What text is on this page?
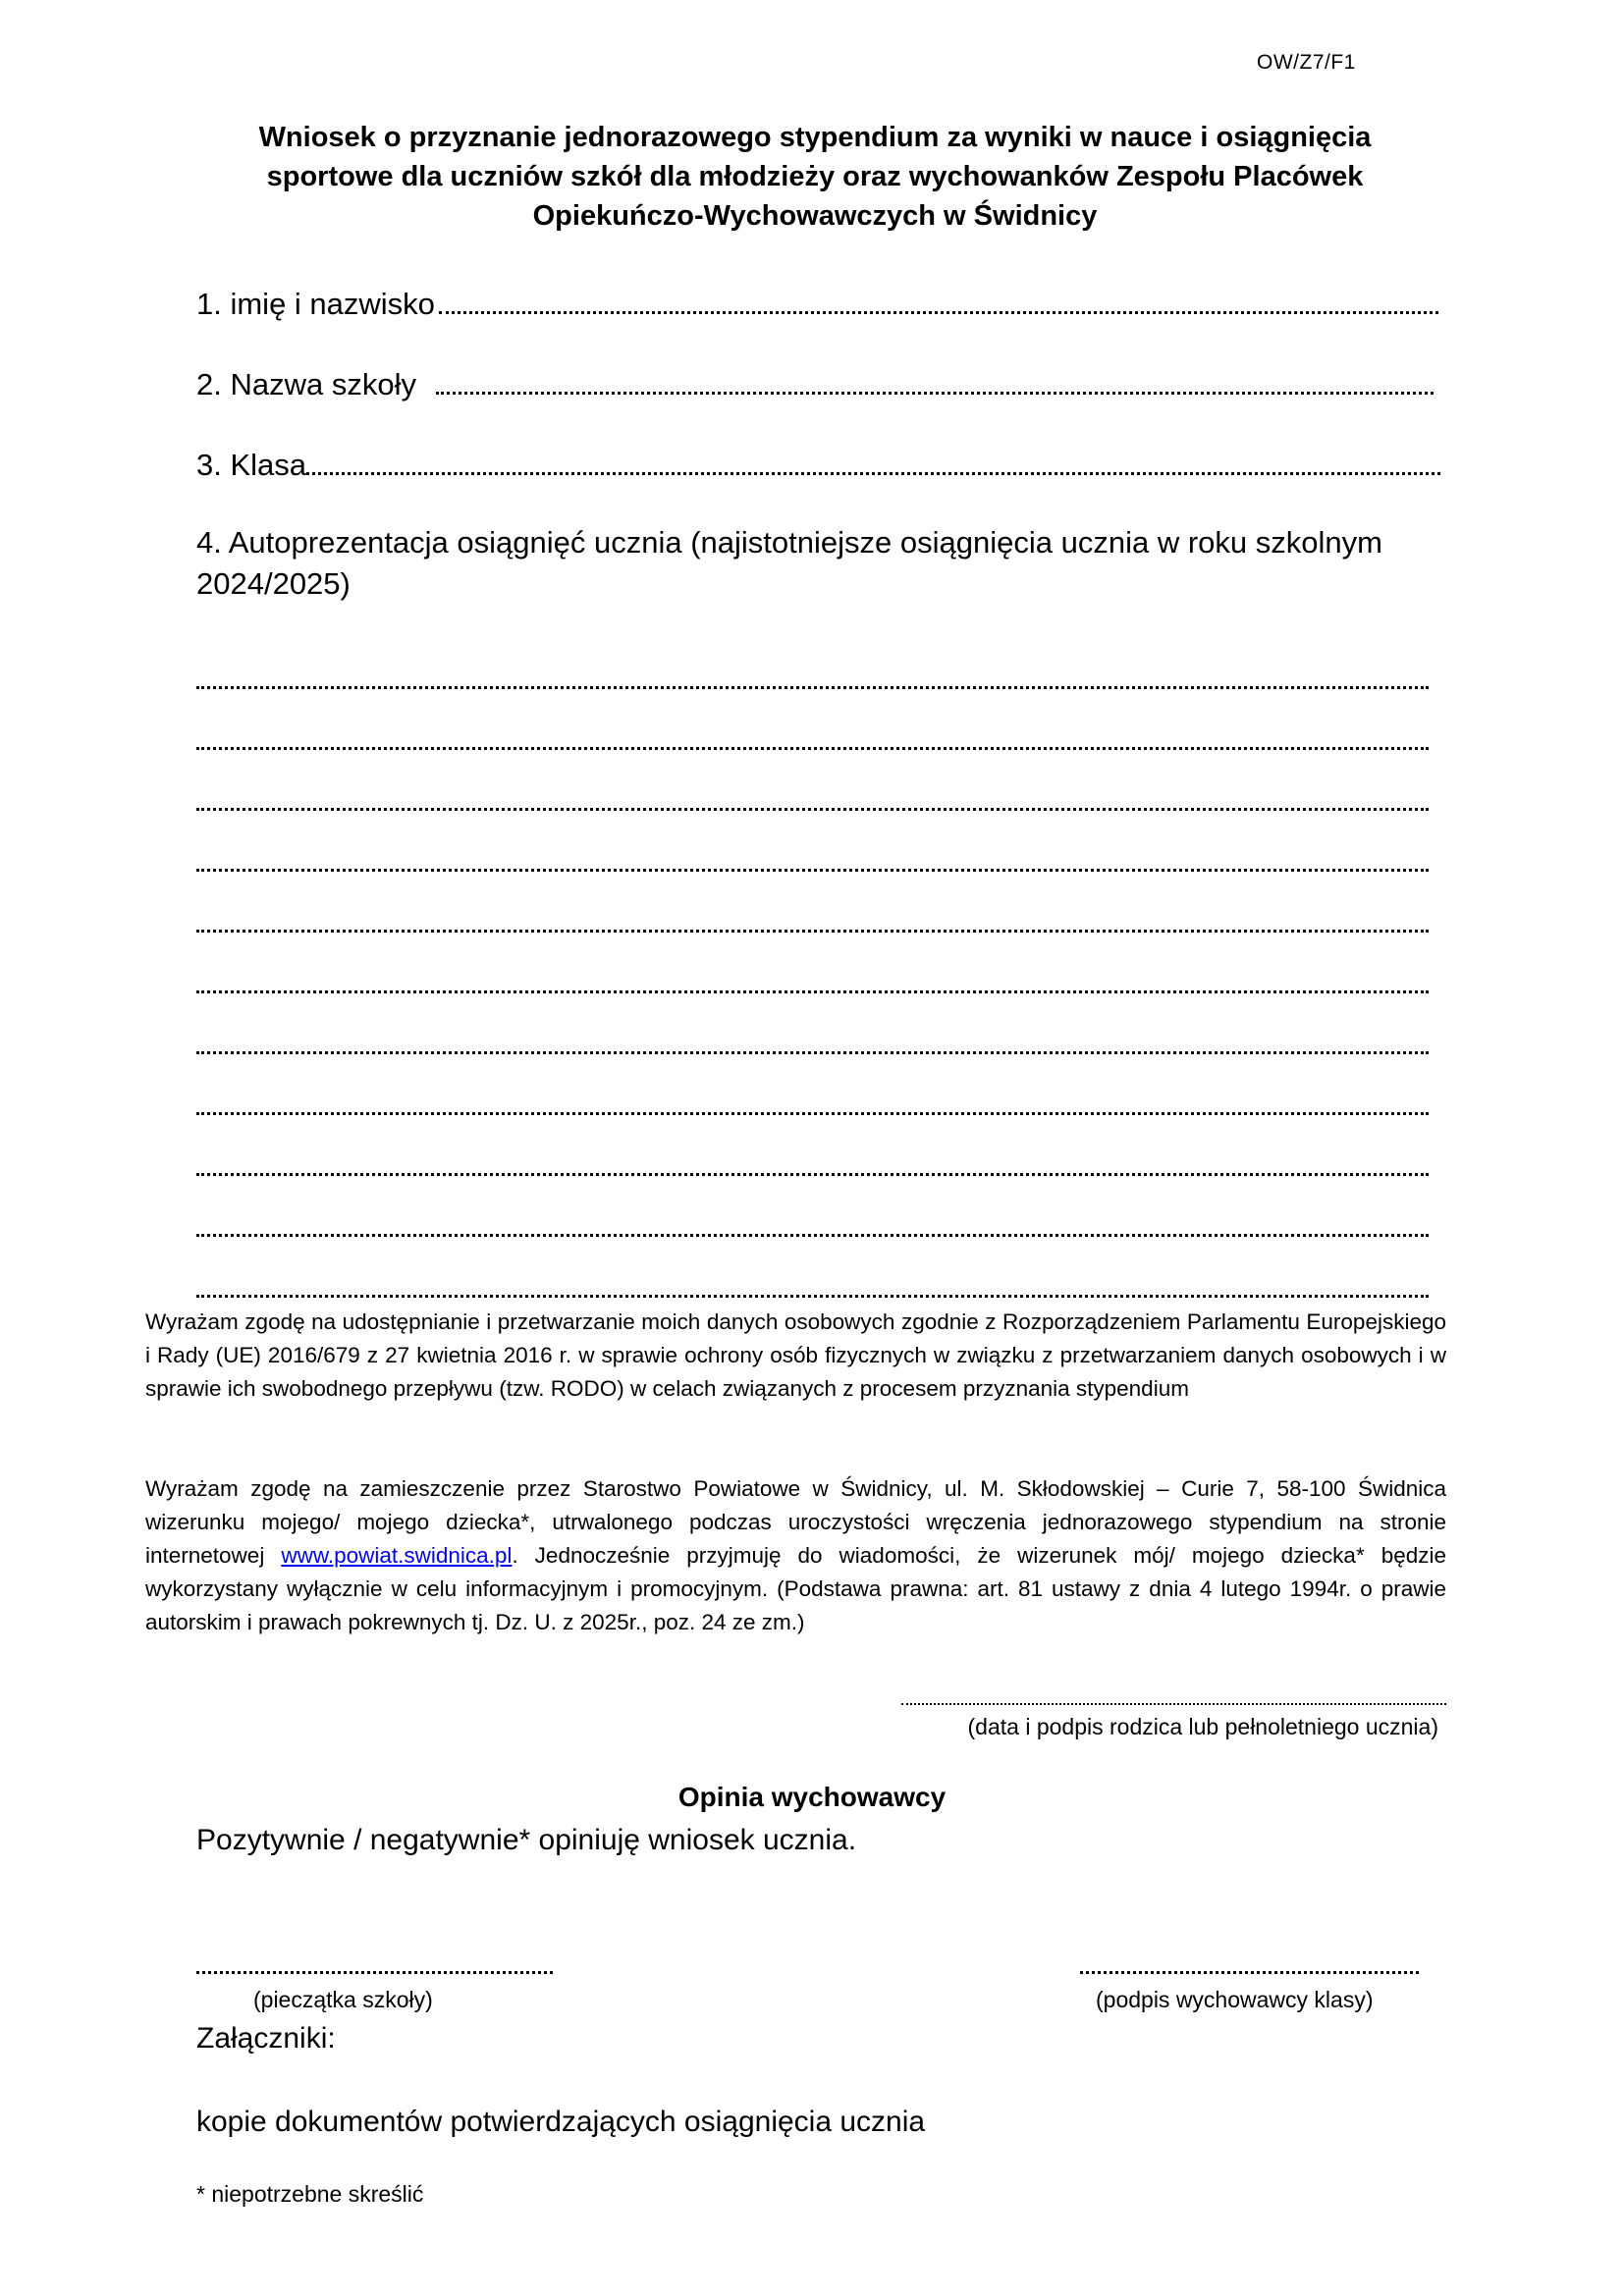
OW/Z7/F1
Wniosek o przyznanie jednorazowego stypendium za wyniki w nauce i osiągnięcia
sportowe dla uczniów szkół dla młodzieży oraz wychowanków Zespołu Placówek
Opiekuńczo-Wychowawczych w Świdnicy
1. imię i nazwisko
2. Nazwa szkoły
3. Klasa
4. Autoprezentacja osiągnięć ucznia (najistotniejsze osiągnięcia ucznia w roku szkolnym 2024/2025)
Wyrażam zgodę na udostępnianie i przetwarzanie moich danych osobowych zgodnie z Rozporządzeniem Parlamentu Europejskiego i Rady (UE) 2016/679 z 27 kwietnia 2016 r. w sprawie ochrony osób fizycznych w związku z przetwarzaniem danych osobowych i w sprawie ich swobodnego przepływu (tzw. RODO) w celach związanych z procesem przyznania stypendium
Wyrażam zgodę na zamieszczenie przez Starostwo Powiatowe w Świdnicy, ul. M. Skłodowskiej – Curie 7, 58-100 Świdnica wizerunku mojego/ mojego dziecka*, utrwalonego podczas uroczystości wręczenia jednorazowego stypendium na stronie internetowej www.powiat.swidnica.pl. Jednocześnie przyjmuję do wiadomości, że wizerunek mój/ mojego dziecka* będzie wykorzystany wyłącznie w celu informacyjnym i promocyjnym. (Podstawa prawna: art. 81 ustawy z dnia 4 lutego 1994r. o prawie autorskim i prawach pokrewnych tj. Dz. U. z 2025r., poz. 24 ze zm.)
(data i podpis rodzica lub pełnoletniego ucznia)
Opinia wychowawcy
Pozytywnie / negatywnie* opiniuję wniosek ucznia.
(pieczątka szkoły)	(podpis wychowawcy klasy)
Załączniki:
kopie dokumentów potwierdzających osiągnięcia ucznia
* niepotrzebne skreślić
